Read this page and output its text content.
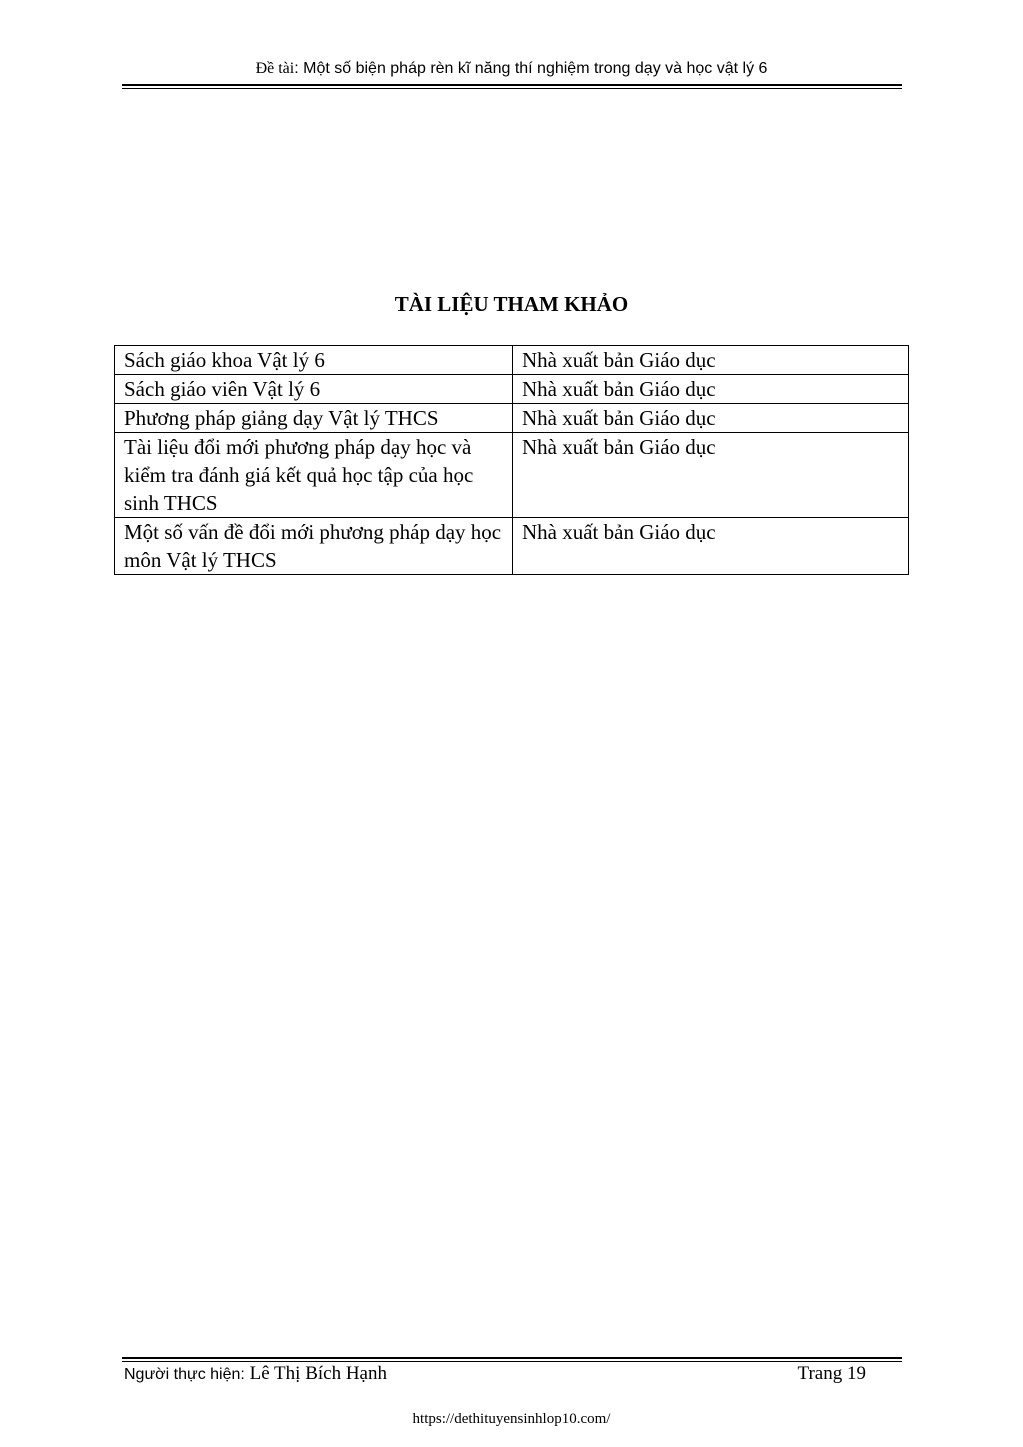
Đề tài: Một số biện pháp rèn kĩ năng thí nghiệm trong dạy và học vật lý 6
TÀI LIỆU THAM KHẢO
Sách giáo khoa Vật lý 6	Nhà xuất bản Giáo dục
Sách giáo viên Vật lý 6	Nhà xuất bản Giáo dục
Phương pháp giảng dạy Vật lý THCS	Nhà xuất bản Giáo dục
Tài liệu đổi mới phương pháp dạy học và kiểm tra đánh giá kết quả học tập của học sinh THCS	Nhà xuất bản Giáo dục
Một số vấn đề đổi mới phương pháp dạy học môn Vật lý THCS	Nhà xuất bản Giáo dục
Người thực hiện: Lê Thị Bích Hạnh	Trang 19
https://dethituyensinhlop10.com/
